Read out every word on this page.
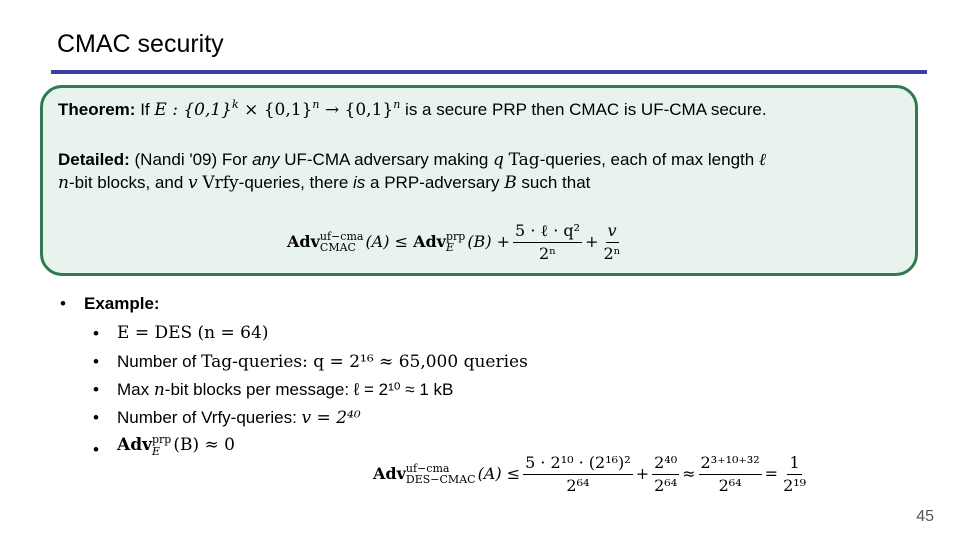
CMAC security
Theorem: If E : $\{0,1\}^k \times \{0,1\}^n \to \{0,1\}^n$ is a secure PRP then CMAC is UF-CMA secure.
Detailed: (Nandi '09) For any UF-CMA adversary making q Tag-queries, each of max length ℓ
n-bit blocks, and v Vrfy-queries, there is a PRP-adversary B such that
Adv uf−cma
CMAC (A) ≤
Adv prp
E $(B) + \frac{\text{5 · ℓ · q²}}{\text{2ⁿ}} + \frac{v}{\text{2ⁿ}}$
• Example:
• E = DES (n = 64)
• Number of Tag-queries: q = 2¹⁶ ≈ 65,000 queries
• Max n-bit blocks per message: ℓ = 2¹⁰ ≈ 1 kB
• Number of Vrfy-queries: v = 2⁴⁰
• Adv prp
E (B) ≈ 0
Adv uf−cma
DES−CMAC $(A) \le \frac{\text{5 · 2¹⁰ · (2¹⁶)²}}{\text{2⁶⁴}} + \frac{\text{2⁴⁰}}{\text{2⁶⁴}} \approx \frac{\text{2³⁺¹⁰⁺³²}}{\text{2⁶⁴}} = \frac{1}{\text{2¹⁹}}$
45
